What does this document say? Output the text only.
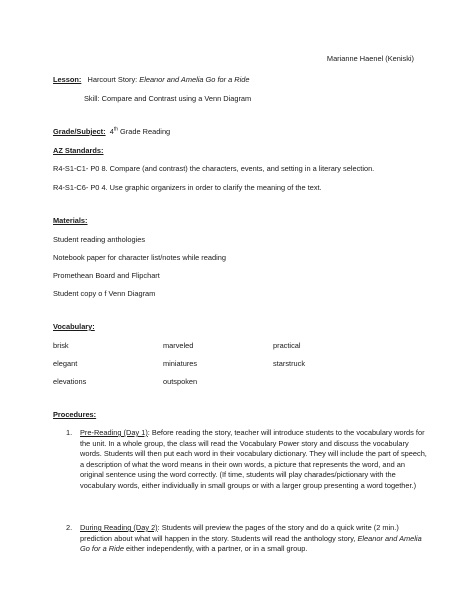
Marianne Haenel (Keniski)
Lesson: Harcourt Story: Eleanor and Amelia Go for a Ride
Skill: Compare and Contrast using a Venn Diagram
Grade/Subject: 4th Grade Reading
AZ Standards:
R4-S1-C1- P0 8. Compare (and contrast) the characters, events, and setting in a literary selection.
R4-S1-C6- P0 4. Use graphic organizers in order to clarify the meaning of the text.
Materials:
Student reading anthologies
Notebook paper for character list/notes while reading
Promethean Board and Flipchart
Student copy o f Venn Diagram
Vocabulary:
brisk	marveled	practical
elegant	miniatures	starstruck
elevations	outspoken
Procedures:
1. Pre-Reading (Day 1): Before reading the story, teacher will introduce students to the vocabulary words for the unit. In a whole group, the class will read the Vocabulary Power story and discuss the vocabulary words. Students will then put each word in their vocabulary dictionary. They will include the part of speech, a description of what the word means in their own words, a picture that represents the word, and an original sentence using the word correctly. (If time, students will play charades/pictionary with the vocabulary words, either individually in small groups or with a larger group presenting a word together.)
2. During Reading (Day 2): Students will preview the pages of the story and do a quick write (2 min.) prediction about what will happen in the story. Students will read the anthology story, Eleanor and Amelia Go for a Ride either independently, with a partner, or in a small group.
